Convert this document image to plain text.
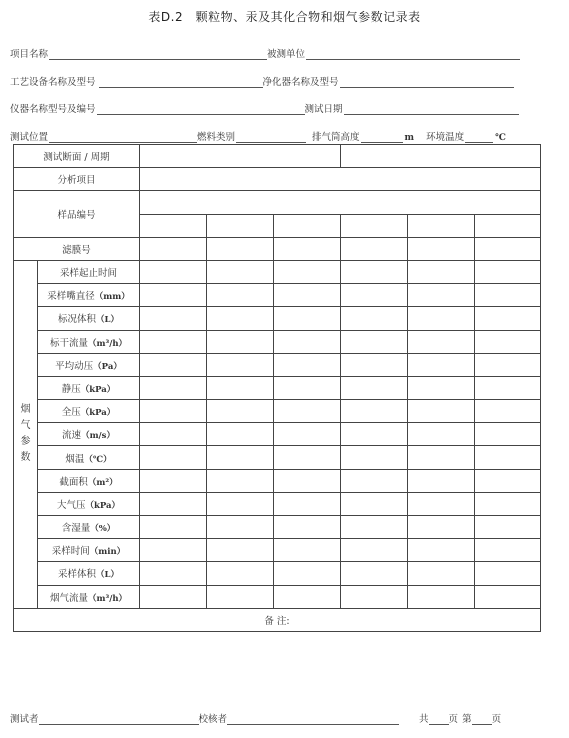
表D.2　颗粒物、汞及其化合物和烟气参数记录表
项目名称	被测单位
工艺设备名称及型号	净化器名称及型号
仪器名称型号及编号	测试日期
测试位置	燃料类别	排气筒高度	m 环境温度	℃
测试断面 / 周期							
分析项目							
样品编号							

滤膜号							

烟
气
参
数	采样起止时间						
	采样嘴直径（mm）						
	标况体积（L）						
	标干流量（m³/h）						
	平均动压（Pa）						
	静压（kPa）						
	全压（kPa）						
	流速（m/s）						
	烟温（℃）						
	截面积（m²）						
	大气压（kPa）						
	含湿量（%）						
	采样时间（min）						
	采样体积（L）						
	烟气流量（m³/h）						
备 注:							
测试者	校核者	共 页 第 页
